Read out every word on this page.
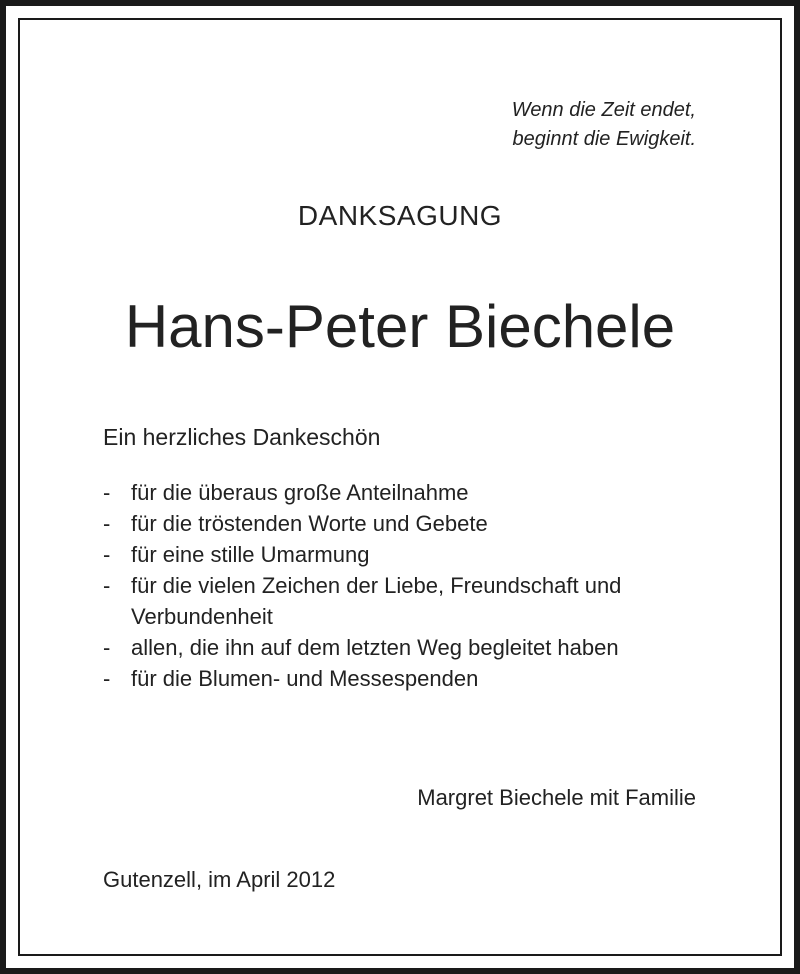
Wenn die Zeit endet,
beginnt die Ewigkeit.
DANKSAGUNG
Hans-Peter Biechele
Ein herzliches Dankeschön
- für die überaus große Anteilnahme
- für die tröstenden Worte und Gebete
- für eine stille Umarmung
- für die vielen Zeichen der Liebe, Freundschaft und Verbundenheit
- allen, die ihn auf dem letzten Weg begleitet haben
- für die Blumen- und Messespenden
Margret Biechele mit Familie
Gutenzell, im April 2012
